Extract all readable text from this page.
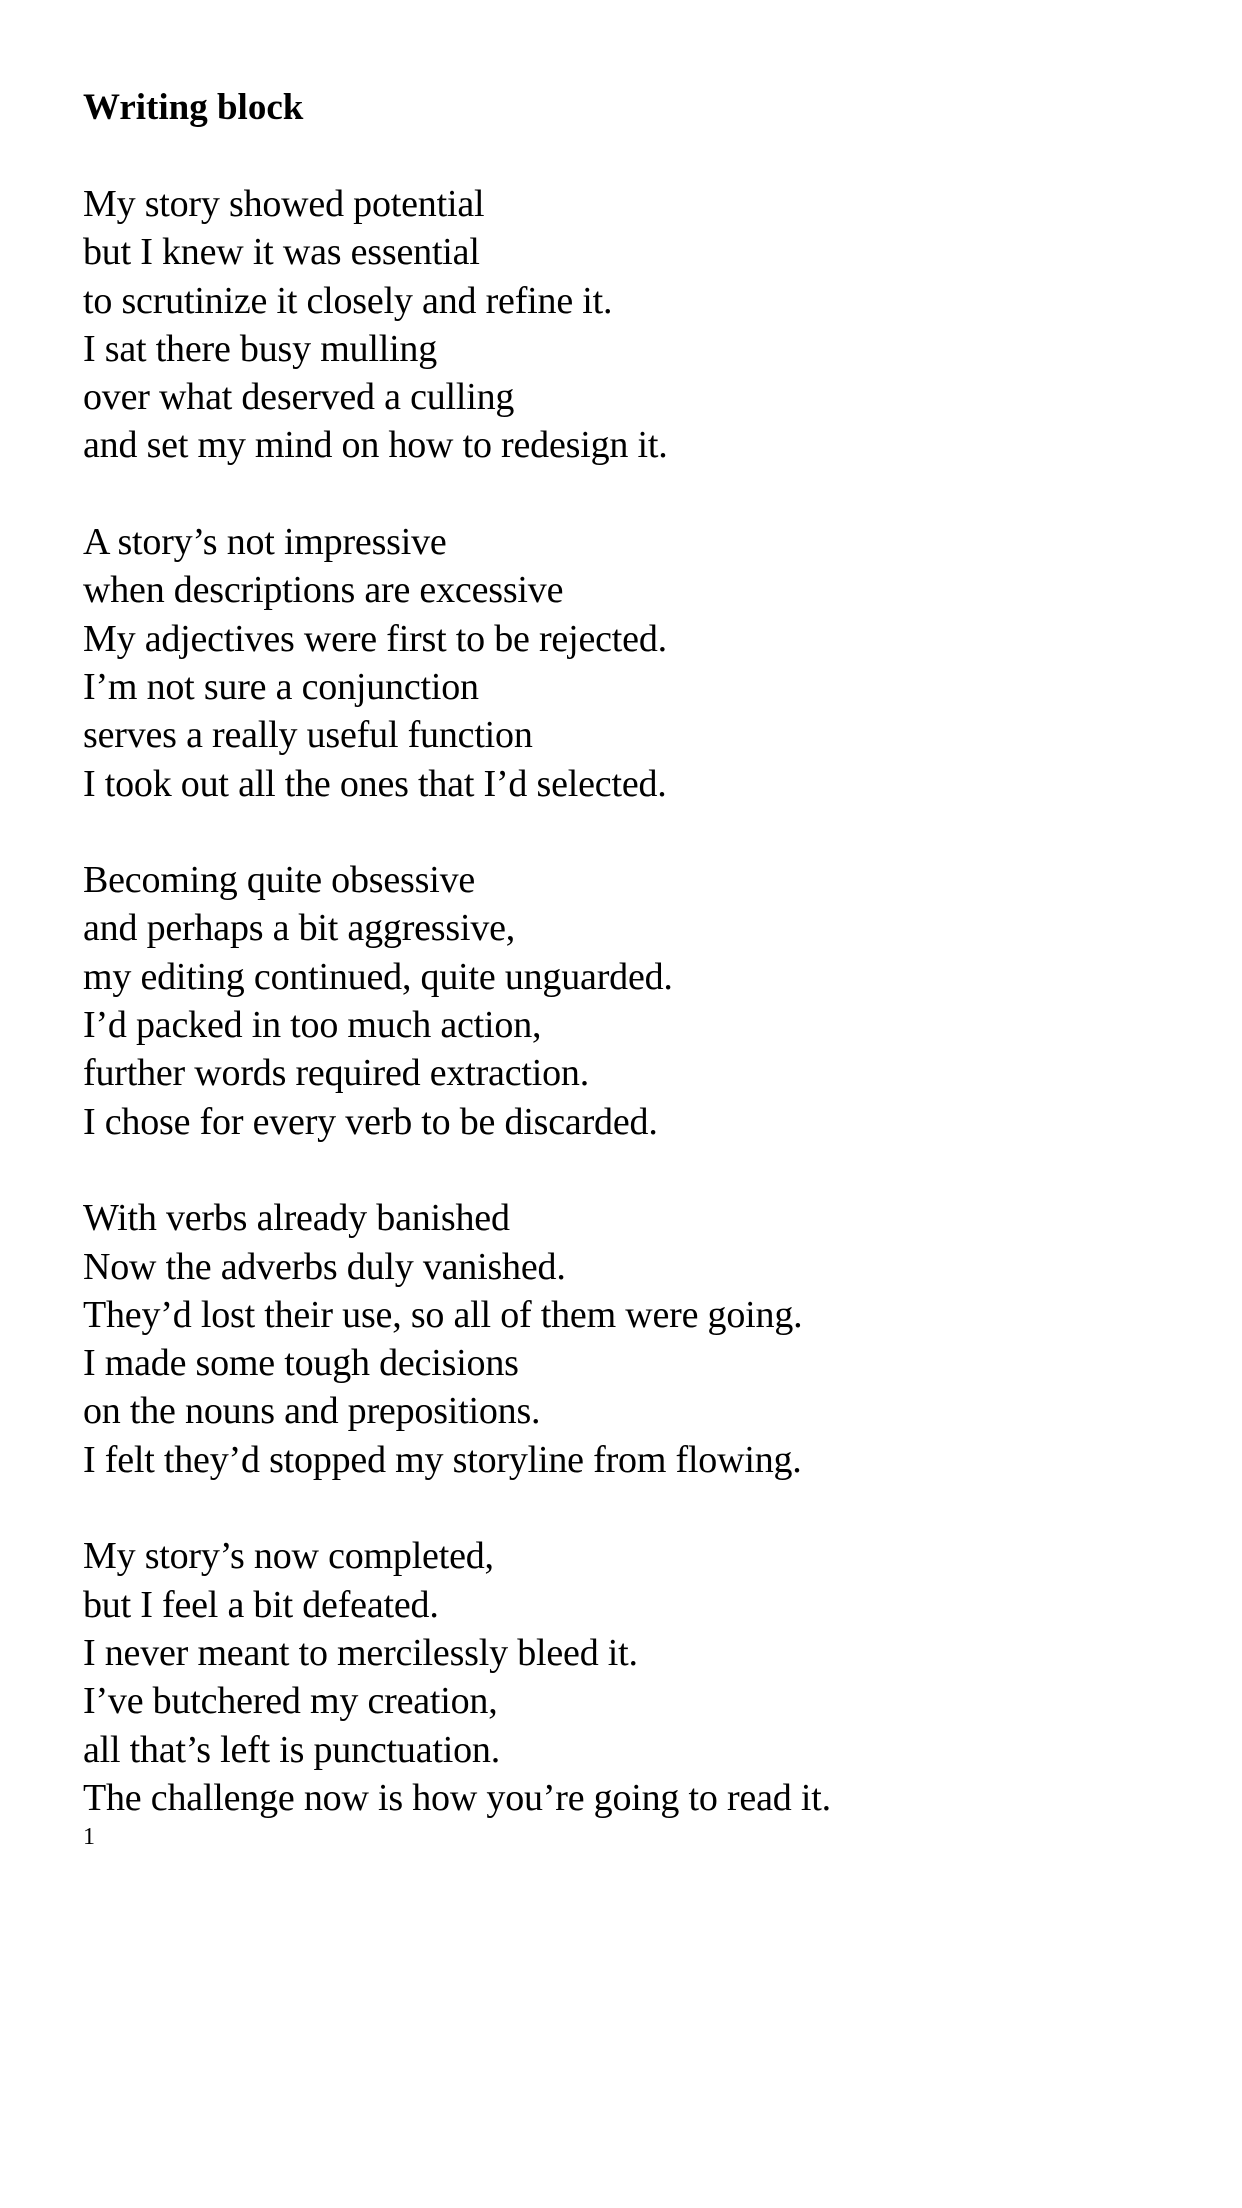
Writing block
My story showed potential
but I knew it was essential
to scrutinize it closely and refine it.
I sat there busy mulling
over what deserved a culling
and set my mind on how to redesign it.
A story’s not impressive
when descriptions are excessive
My adjectives were first to be rejected.
I’m not sure a conjunction
serves a really useful function
I took out all the ones that I’d selected.
Becoming quite obsessive
and perhaps a bit aggressive,
my editing continued, quite unguarded.
I’d packed in too much action,
further words required extraction.
I chose for every verb to be discarded.
With verbs already banished
Now the adverbs duly vanished.
They’d lost their use, so all of them were going.
I made some tough decisions
on the nouns and prepositions.
I felt they’d stopped my storyline from flowing.
My story’s now completed,
but I feel a bit defeated.
I never meant to mercilessly bleed it.
I’ve butchered my creation,
all that’s left is punctuation.
The challenge now is how you’re going to read it.
1
